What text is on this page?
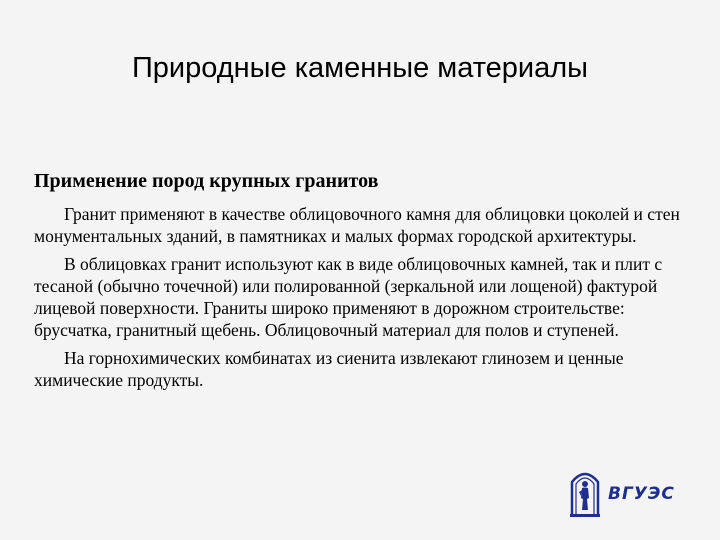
Природные каменные материалы
Применение пород крупных гранитов

Гранит применяют в качестве облицовочного камня для облицовки цоколей и стен монументальных зданий, в памятниках и малых формах городской архитектуры.

В облицовках гранит используют как в виде облицовочных камней, так и плит с тесаной (обычно точечной) или полированной (зеркальной или лощеной) фактурой лицевой поверхности. Граниты широко применяют в дорожном строительстве: брусчатка, гранитный щебень. Облицовочный материал для полов и ступеней.

На горнохимических комбинатах из сиенита извлекают глинозем и ценные химические продукты.

ВГУЭС
